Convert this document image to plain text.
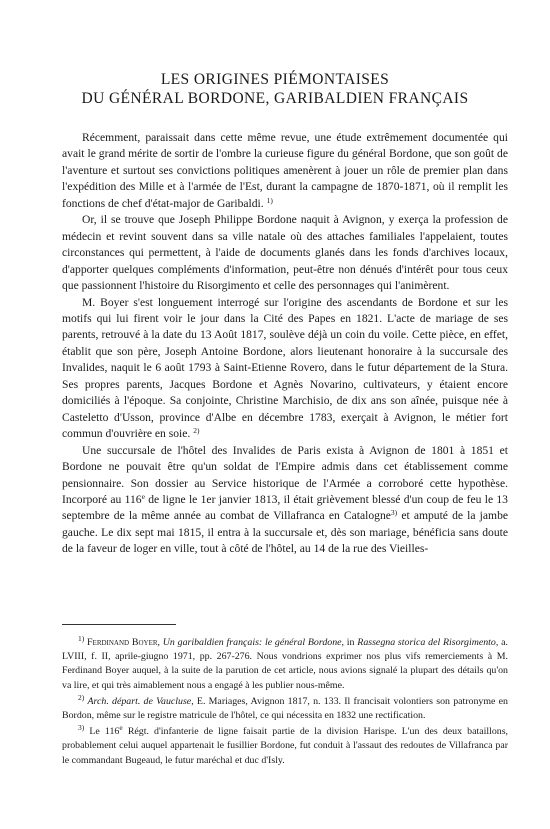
LES ORIGINES PIÉMONTAISES
DU GÉNÉRAL BORDONE, GARIBALDIEN FRANÇAIS

Récemment, paraissait dans cette même revue, une étude extrêmement documentée qui avait le grand mérite de sortir de l'ombre la curieuse figure du général Bordone, que son goût de l'aventure et surtout ses convictions politiques amenèrent à jouer un rôle de premier plan dans l'expédition des Mille et à l'armée de l'Est, durant la campagne de 1870-1871, où il remplit les fonctions de chef d'état-major de Garibaldi. $^{1)}$

Or, il se trouve que Joseph Philippe Bordone naquit à Avignon, y exerça la profession de médecin et revint souvent dans sa ville natale où des attaches familiales l'appelaient, toutes circonstances qui permettent, à l'aide de documents glanés dans les fonds d'archives locaux, d'apporter quelques compléments d'information, peut-être non dénués d'intérêt pour tous ceux que passionnent l'histoire du Risorgimento et celle des personnages qui l'animèrent.

M. Boyer s'est longuement interrogé sur l'origine des ascendants de Bordone et sur les motifs qui lui firent voir le jour dans la Cité des Papes en 1821. L'acte de mariage de ses parents, retrouvé à la date du 13 Août 1817, soulève déjà un coin du voile. Cette pièce, en effet, établit que son père, Joseph Antoine Bordone, alors lieutenant honoraire à la succursale des Invalides, naquit le 6 août 1793 à Saint-Etienne Rovero, dans le futur département de la Stura. Ses propres parents, Jacques Bordone et Agnès Novarino, cultivateurs, y étaient encore domiciliés à l'époque. Sa conjointe, Christine Marchisio, de dix ans son aînée, puisque née à Casteletto d'Usson, province d'Albe en décembre 1783, exerçait à Avignon, le métier fort commun d'ouvrière en soie. $^{2)}$

Une succursale de l'hôtel des Invalides de Paris exista à Avignon de 1801 à 1851 et Bordone ne pouvait être qu'un soldat de l'Empire admis dans cet établissement comme pensionnaire. Son dossier au Service historique de l'Armée a corroboré cette hypothèse. Incorporé au 116e de ligne le 1er janvier 1813, il était grièvement blessé d'un coup de feu le 13 septembre de la même année au combat de Villafranca en Catalogne$^{3)}$ et amputé de la jambe gauche. Le dix sept mai 1815, il entra à la succursale et, dès son mariage, bénéficia sans doute de la faveur de loger en ville, tout à côté de l'hôtel, au 14 de la rue des Vieilles-

$^{1)}$ Ferdinand Boyer, Un garibaldien français: le général Bordone, in Rassegna storica del Risorgimento, a. LVIII, f. II, aprile-giugno 1971, pp. 267-276. Nous vondrions exprimer nos plus vifs remerciements à M. Ferdinand Boyer auquel, à la suite de la parution de cet article, nous avions signalé la plupart des détails qu'on va lire, et qui très aimablement nous a engagé à les publier nous-même.

$^{2)}$ Arch. départ. de Vaucluse, E. Mariages, Avignon 1817, n. 133. Il francisait volontiers son patronyme en Bordon, même sur le registre matricule de l'hôtel, ce qui nécessita en 1832 une rectification.

$^{3)}$ Le 116e Régt. d'infanterie de ligne faisait partie de la division Harispe. L'un des deux bataillons, probablement celui auquel appartenait le fusillier Bordone, fut conduit à l'assaut des redoutes de Villafranca par le commandant Bugeaud, le futur maréchal et duc d'Isly.
